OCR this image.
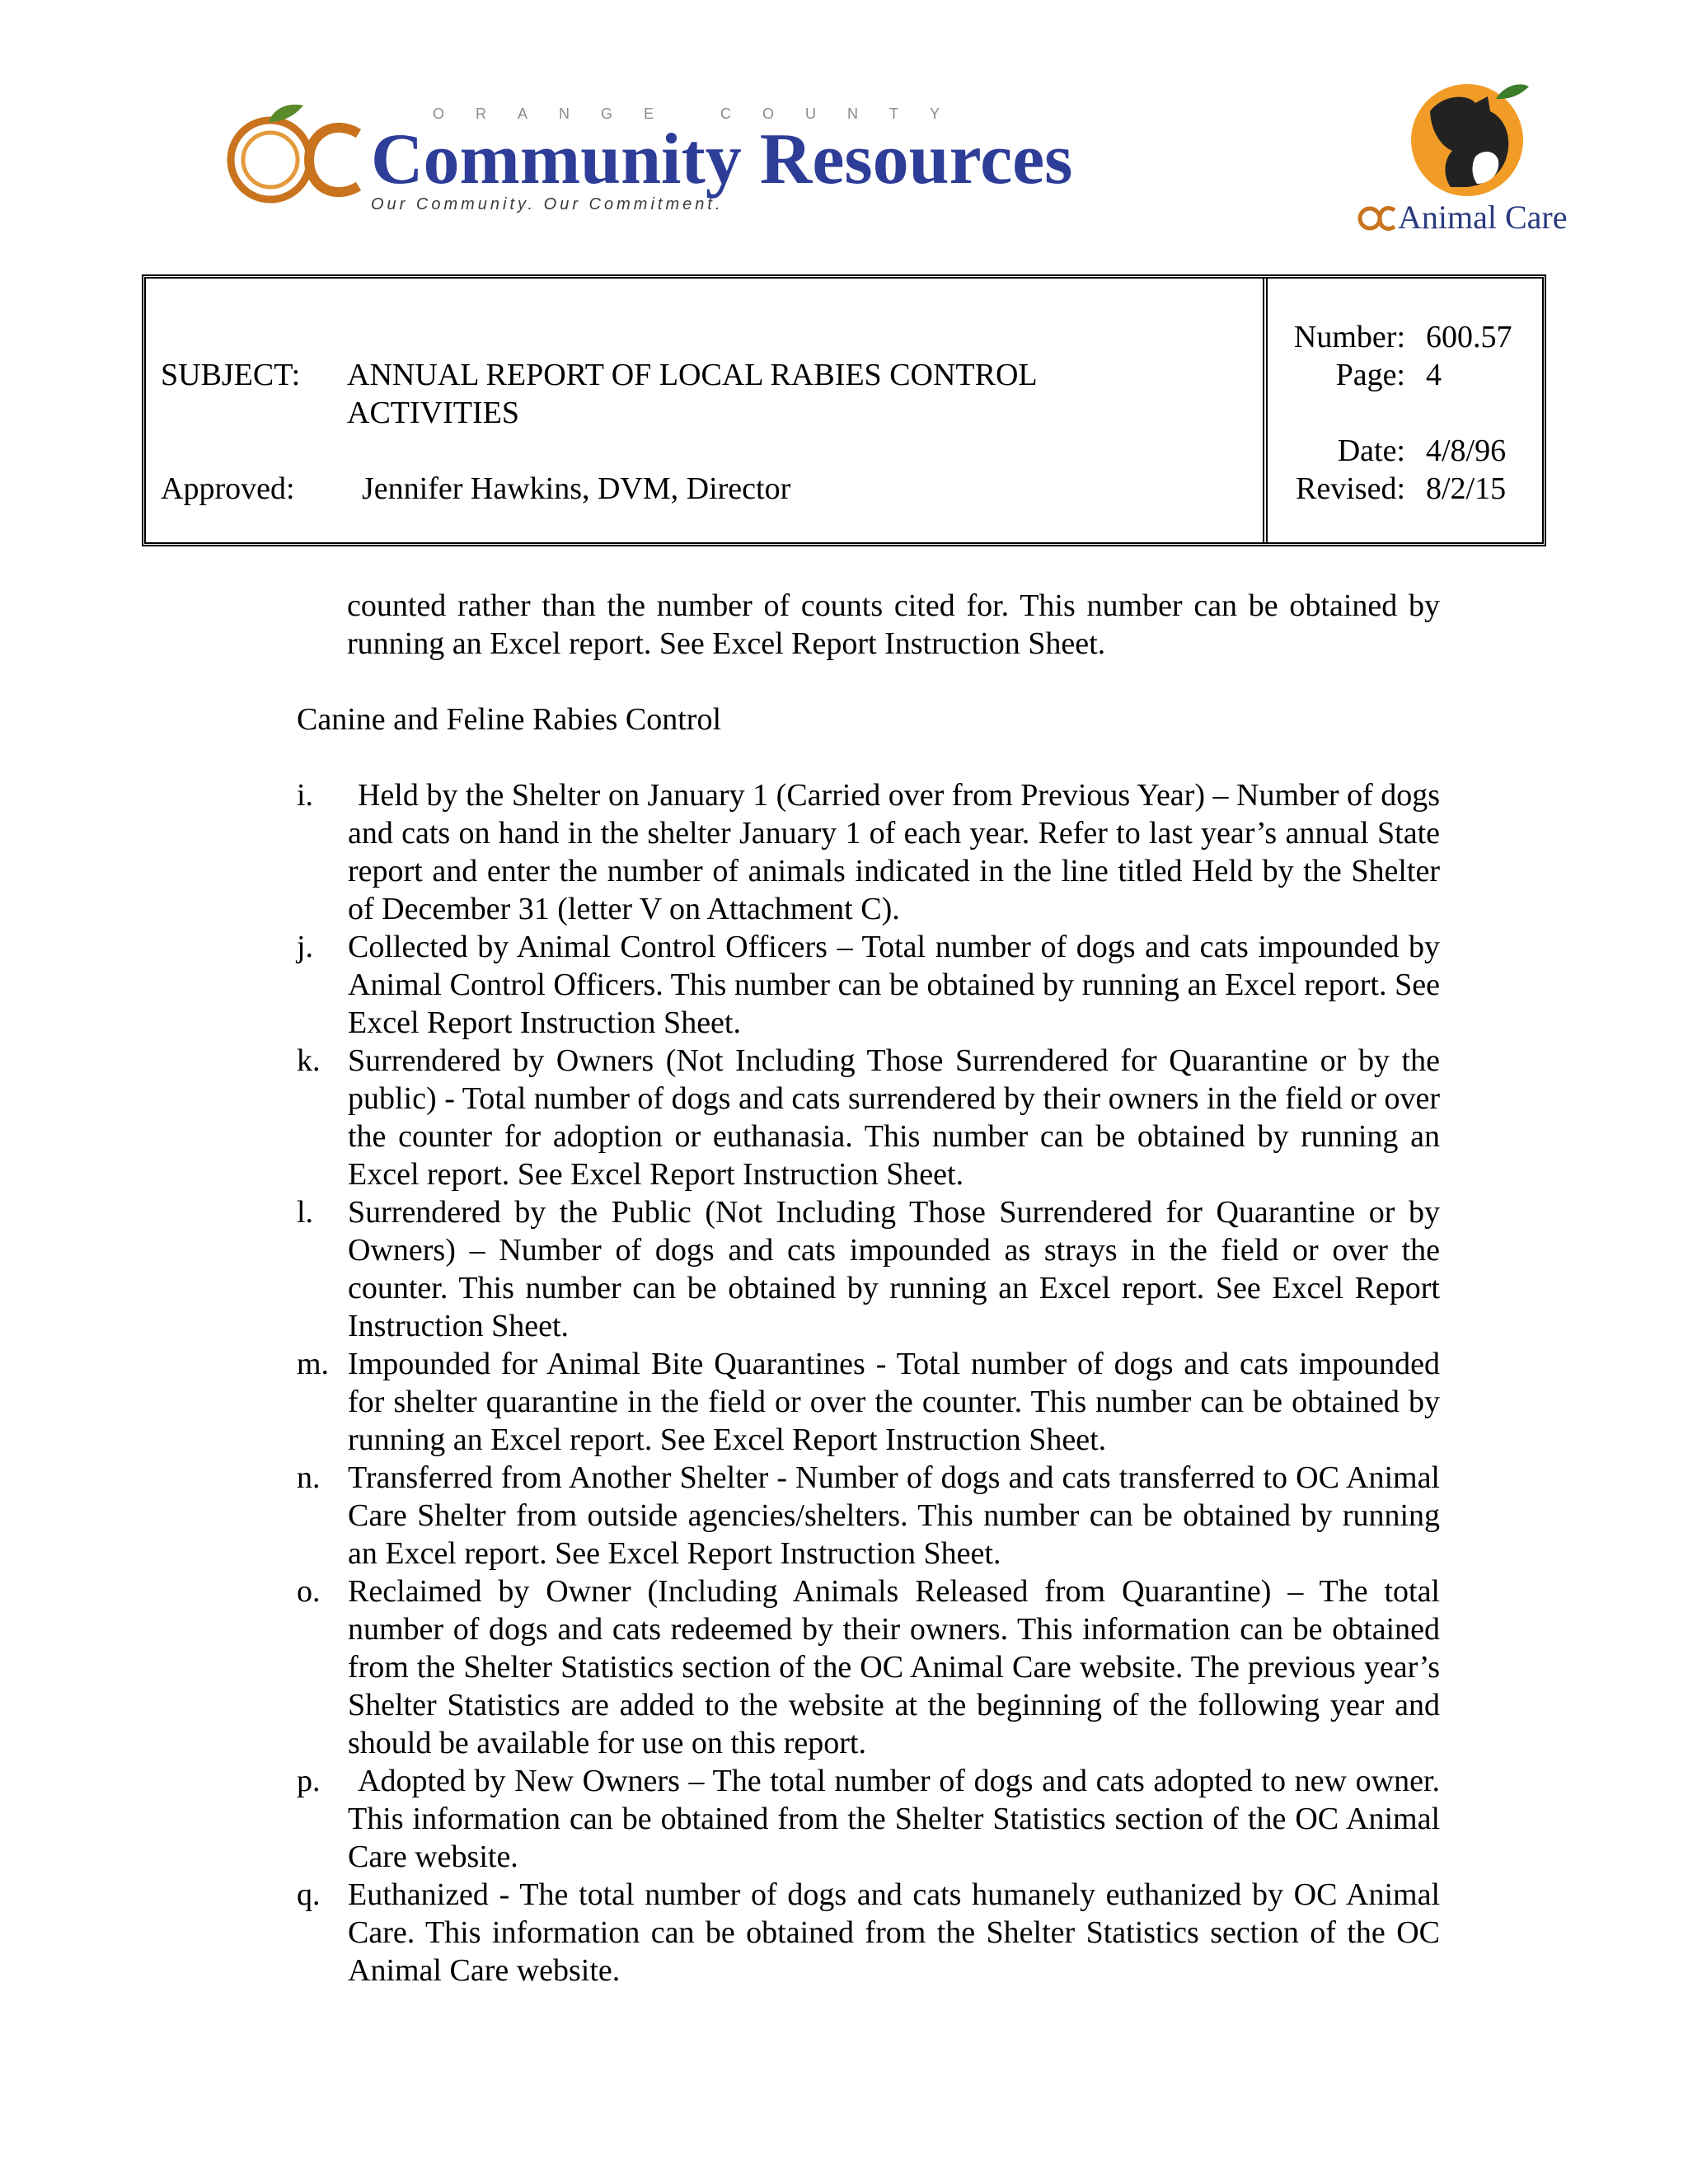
ORANGE COUNTY
Community Resources
Our Community. Our Commitment.	Animal Care
SUBJECT: ANNUAL REPORT OF LOCAL RABIES CONTROL
ACTIVITIES
Approved: Jennifer Hawkins, DVM, Director
Number: 600.57
Page: 4
Date: 4/8/96
Revised: 8/2/15
counted rather than the number of counts cited for. This number can be obtained by running an Excel report. See Excel Report Instruction Sheet.
Canine and Feline Rabies Control
i.	Held by the Shelter on January 1 (Carried over from Previous Year) – Number of dogs and cats on hand in the shelter January 1 of each year. Refer to last year’s annual State report and enter the number of animals indicated in the line titled Held by the Shelter of December 31 (letter V on Attachment C).
j. Collected by Animal Control Officers – Total number of dogs and cats impounded by Animal Control Officers. This number can be obtained by running an Excel report. See Excel Report Instruction Sheet.
k. Surrendered by Owners (Not Including Those Surrendered for Quarantine or by the public) - Total number of dogs and cats surrendered by their owners in the field or over the counter for adoption or euthanasia. This number can be obtained by running an Excel report. See Excel Report Instruction Sheet.
l. Surrendered by the Public (Not Including Those Surrendered for Quarantine or by Owners) – Number of dogs and cats impounded as strays in the field or over the counter. This number can be obtained by running an Excel report. See Excel Report Instruction Sheet.
m. Impounded for Animal Bite Quarantines - Total number of dogs and cats impounded for shelter quarantine in the field or over the counter. This number can be obtained by running an Excel report. See Excel Report Instruction Sheet.
n. Transferred from Another Shelter - Number of dogs and cats transferred to OC Animal Care Shelter from outside agencies/shelters. This number can be obtained by running an Excel report. See Excel Report Instruction Sheet.
o. Reclaimed by Owner (Including Animals Released from Quarantine) – The total number of dogs and cats redeemed by their owners. This information can be obtained from the Shelter Statistics section of the OC Animal Care website. The previous year’s Shelter Statistics are added to the website at the beginning of the following year and should be available for use on this report.
p.	Adopted by New Owners – The total number of dogs and cats adopted to new owner. This information can be obtained from the Shelter Statistics section of the OC Animal Care website.
q. Euthanized - The total number of dogs and cats humanely euthanized by OC Animal Care. This information can be obtained from the Shelter Statistics section of the OC Animal Care website.
